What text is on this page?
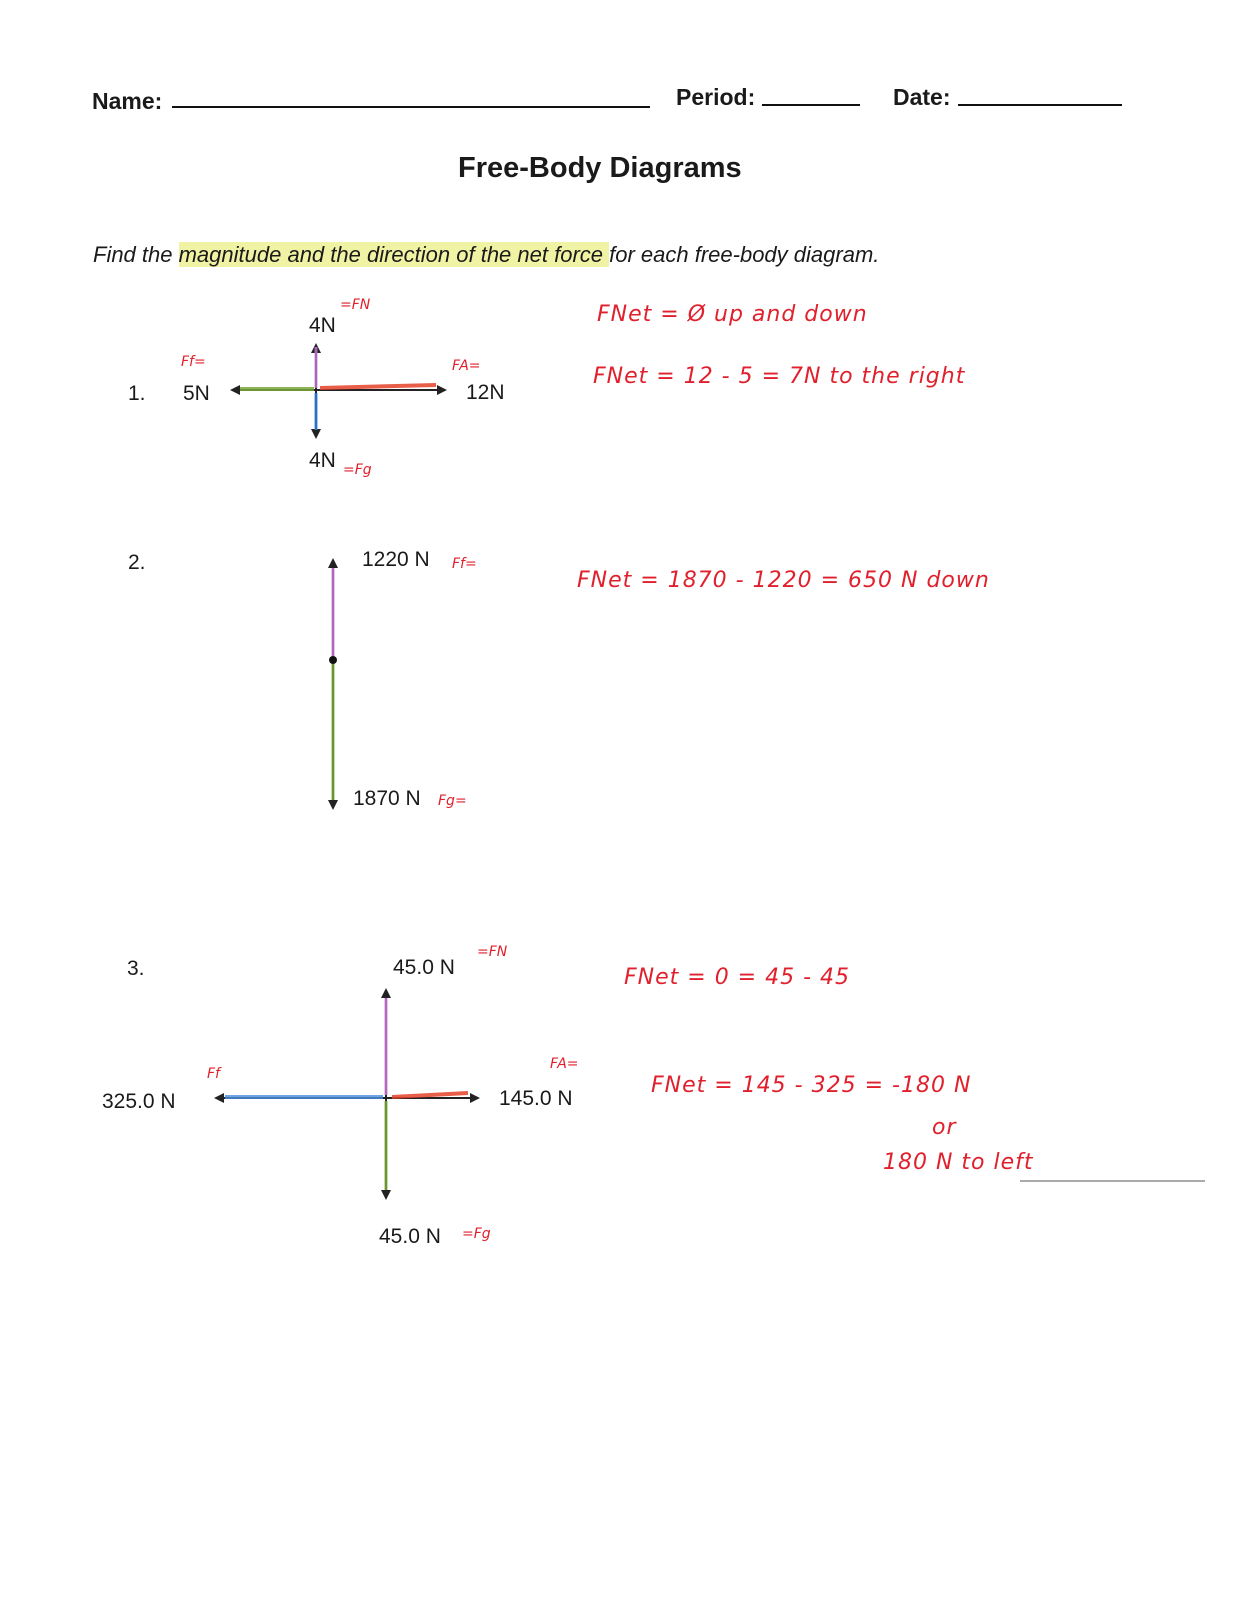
Name:	Period:	Date:
Free-Body Diagrams
Find the magnitude and the direction of the net force for each free-body diagram.
1. 5N
4N
4N
12N
=FN
=Fg
Ff=	FA=
FNet = Ø up and down
FNet = 12 - 5 = 7N to the right
2.	1220 N
1870 N
Ff=
Fg=
FNet = 1870 - 1220 = 650 N down
3.	45.0 N
325.0 N	145.0 N
45.0 N
=FN
=Fg
Ff
FA=
FNet = 0 = 45 - 45
FNet = 145 - 325 = -180 N
or
180 N to left
